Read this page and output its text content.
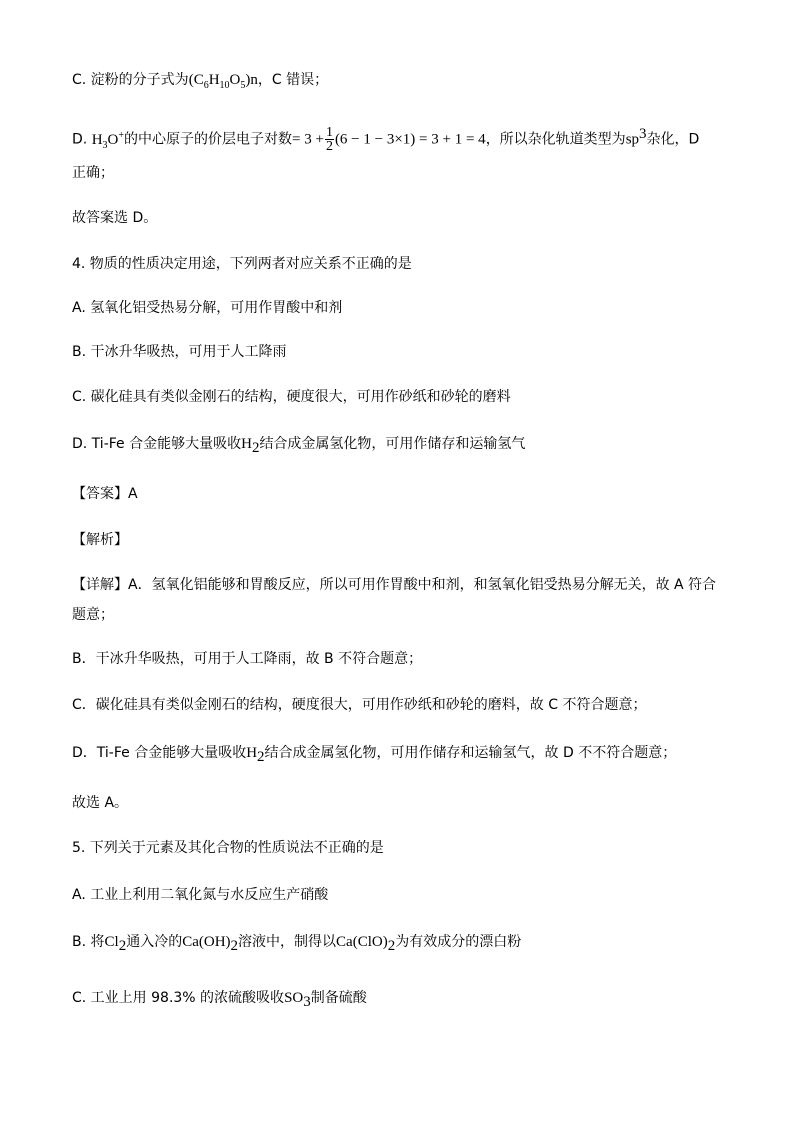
C. 淀粉的分子式为$(C_6H_{10}O_5)n$，C 错误；
D. $H_3O^+$的中心原子的价层电子对数= $3 + \frac{1}{2} (6 - 1 - 3\times 1) = 3 + 1 = 4$，所以杂化轨道类型为$sp^3$杂化，D
正确；
故答案选 D。
4. 物质的性质决定用途，下列两者对应关系不正确的是
A. 氢氧化铝受热易分解，可用作胃酸中和剂
B. 干冰升华吸热，可用于人工降雨
C. 碳化硅具有类似金刚石的结构，硬度很大，可用作砂纸和砂轮的磨料
D. Ti-Fe 合金能够大量吸收$H_2$结合成金属氢化物，可用作储存和运输氢气
【答案】A
【解析】
【详解】A．氢氧化铝能够和胃酸反应，所以可用作胃酸中和剂，和氢氧化铝受热易分解无关，故 A 符合
题意；
B．干冰升华吸热，可用于人工降雨，故 B 不符合题意；
C．碳化硅具有类似金刚石的结构，硬度很大，可用作砂纸和砂轮的磨料，故 C 不符合题意；
D．Ti-Fe 合金能够大量吸收$H_2$结合成金属氢化物，可用作储存和运输氢气，故 D 不不符合题意；
故选 A。
5. 下列关于元素及其化合物的性质说法不正确的是
A. 工业上利用二氧化氮与水反应生产硝酸
B. 将$Cl_2$通入冷的$Ca(OH)_2$溶液中，制得以$Ca(ClO)_2$为有效成分的漂白粉
C. 工业上用 98.3% 的浓硫酸吸收$SO_3$制备硫酸
